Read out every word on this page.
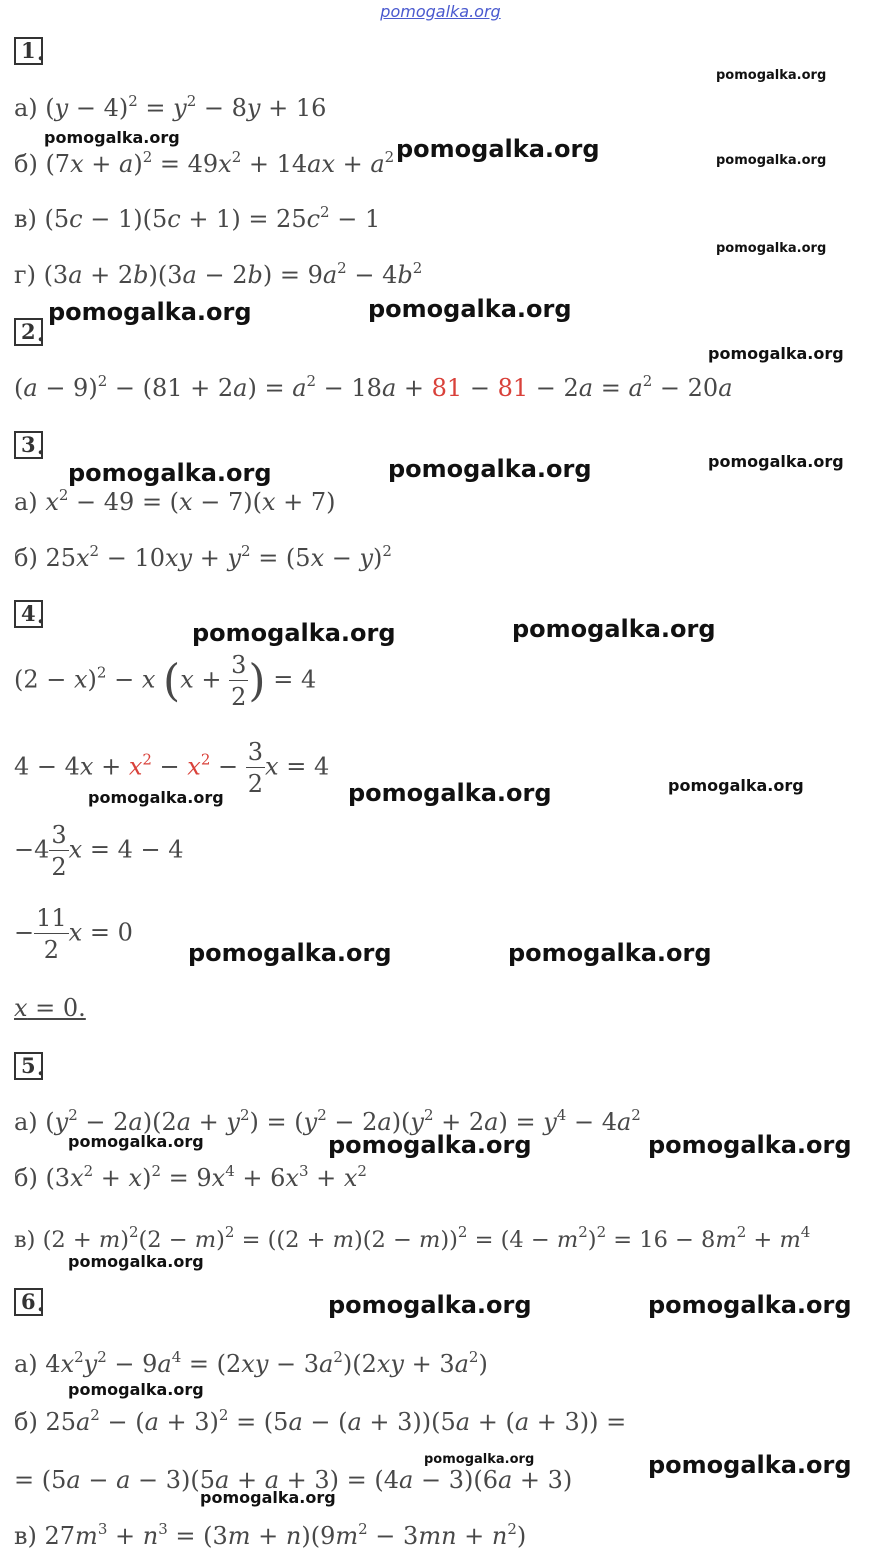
pomogalka.org
1 .
а) $(y - 4)^2 = y^2 - 8y + 16$
б) $(7x + a)^2 = 49x^2 + 14ax + a^2$
в) $(5c - 1)(5c + 1) = 25c^2 - 1$
г) $(3a + 2b)(3a - 2b) = 9a^2 - 4b^2$
2 .
$(a - 9)^2 - (81 + 2a) = a^2 - 18a + 81 - 81 - 2a = a^2 - 20a$
3 .
а) $x^2 - 49 = (x - 7)(x + 7)$
б) $25x^2 - 10xy + y^2 = (5x - y)^2$
4 .
$(2 - x)^2 - x$ ($x + \frac{3}{2}$ ) = 4
$4 - 4x + x^2 - x^2 - \frac{3}{2}$ x = 4
$-4 \frac{3}{2}$ x = 4 − 4
− $\frac{11}{2}$ x = 0
x = 0.
5 .
а) $(y^2 - 2a)(2a + y^2) = (y^2 - 2a)(y^2 + 2a) = y^4 - 4a^2$
б) $(3x^2 + x)^2 = 9x^4 + 6x^3 + x^2$
в) $(2 + m)^2(2 - m)^2 = ((2 + m)(2 - m))^2 = (4 - m^2)^2 = 16 - 8m^2 + m^4$
6 .
а) $4x^2y^2 - 9a^4 = (2xy - 3a^2)(2xy + 3a^2)$
б) $25a^2 - (a + 3)^2 = (5a - (a + 3))(5a + (a + 3))$ =
= (5a − a − 3)(5a + a + 3) = (4a − 3)(6a + 3)
в) $27m^3 + n^3 = (3m + n)(9m^2 - 3mn + n^2)$
pomogalka.org
pomogalka.org	pomogalka.org	pomogalka.org
pomogalka.org
pomogalka.org	pomogalka.org
pomogalka.org
pomogalka.org	pomogalka.org	pomogalka.org
pomogalka.org	pomogalka.org
pomogalka.org	pomogalka.org	pomogalka.org
pomogalka.org	pomogalka.org
pomogalka.org	pomogalka.org	pomogalka.org
pomogalka.org
pomogalka.org	pomogalka.org
pomogalka.org
pomogalka.org	pomogalka.org
pomogalka.org
